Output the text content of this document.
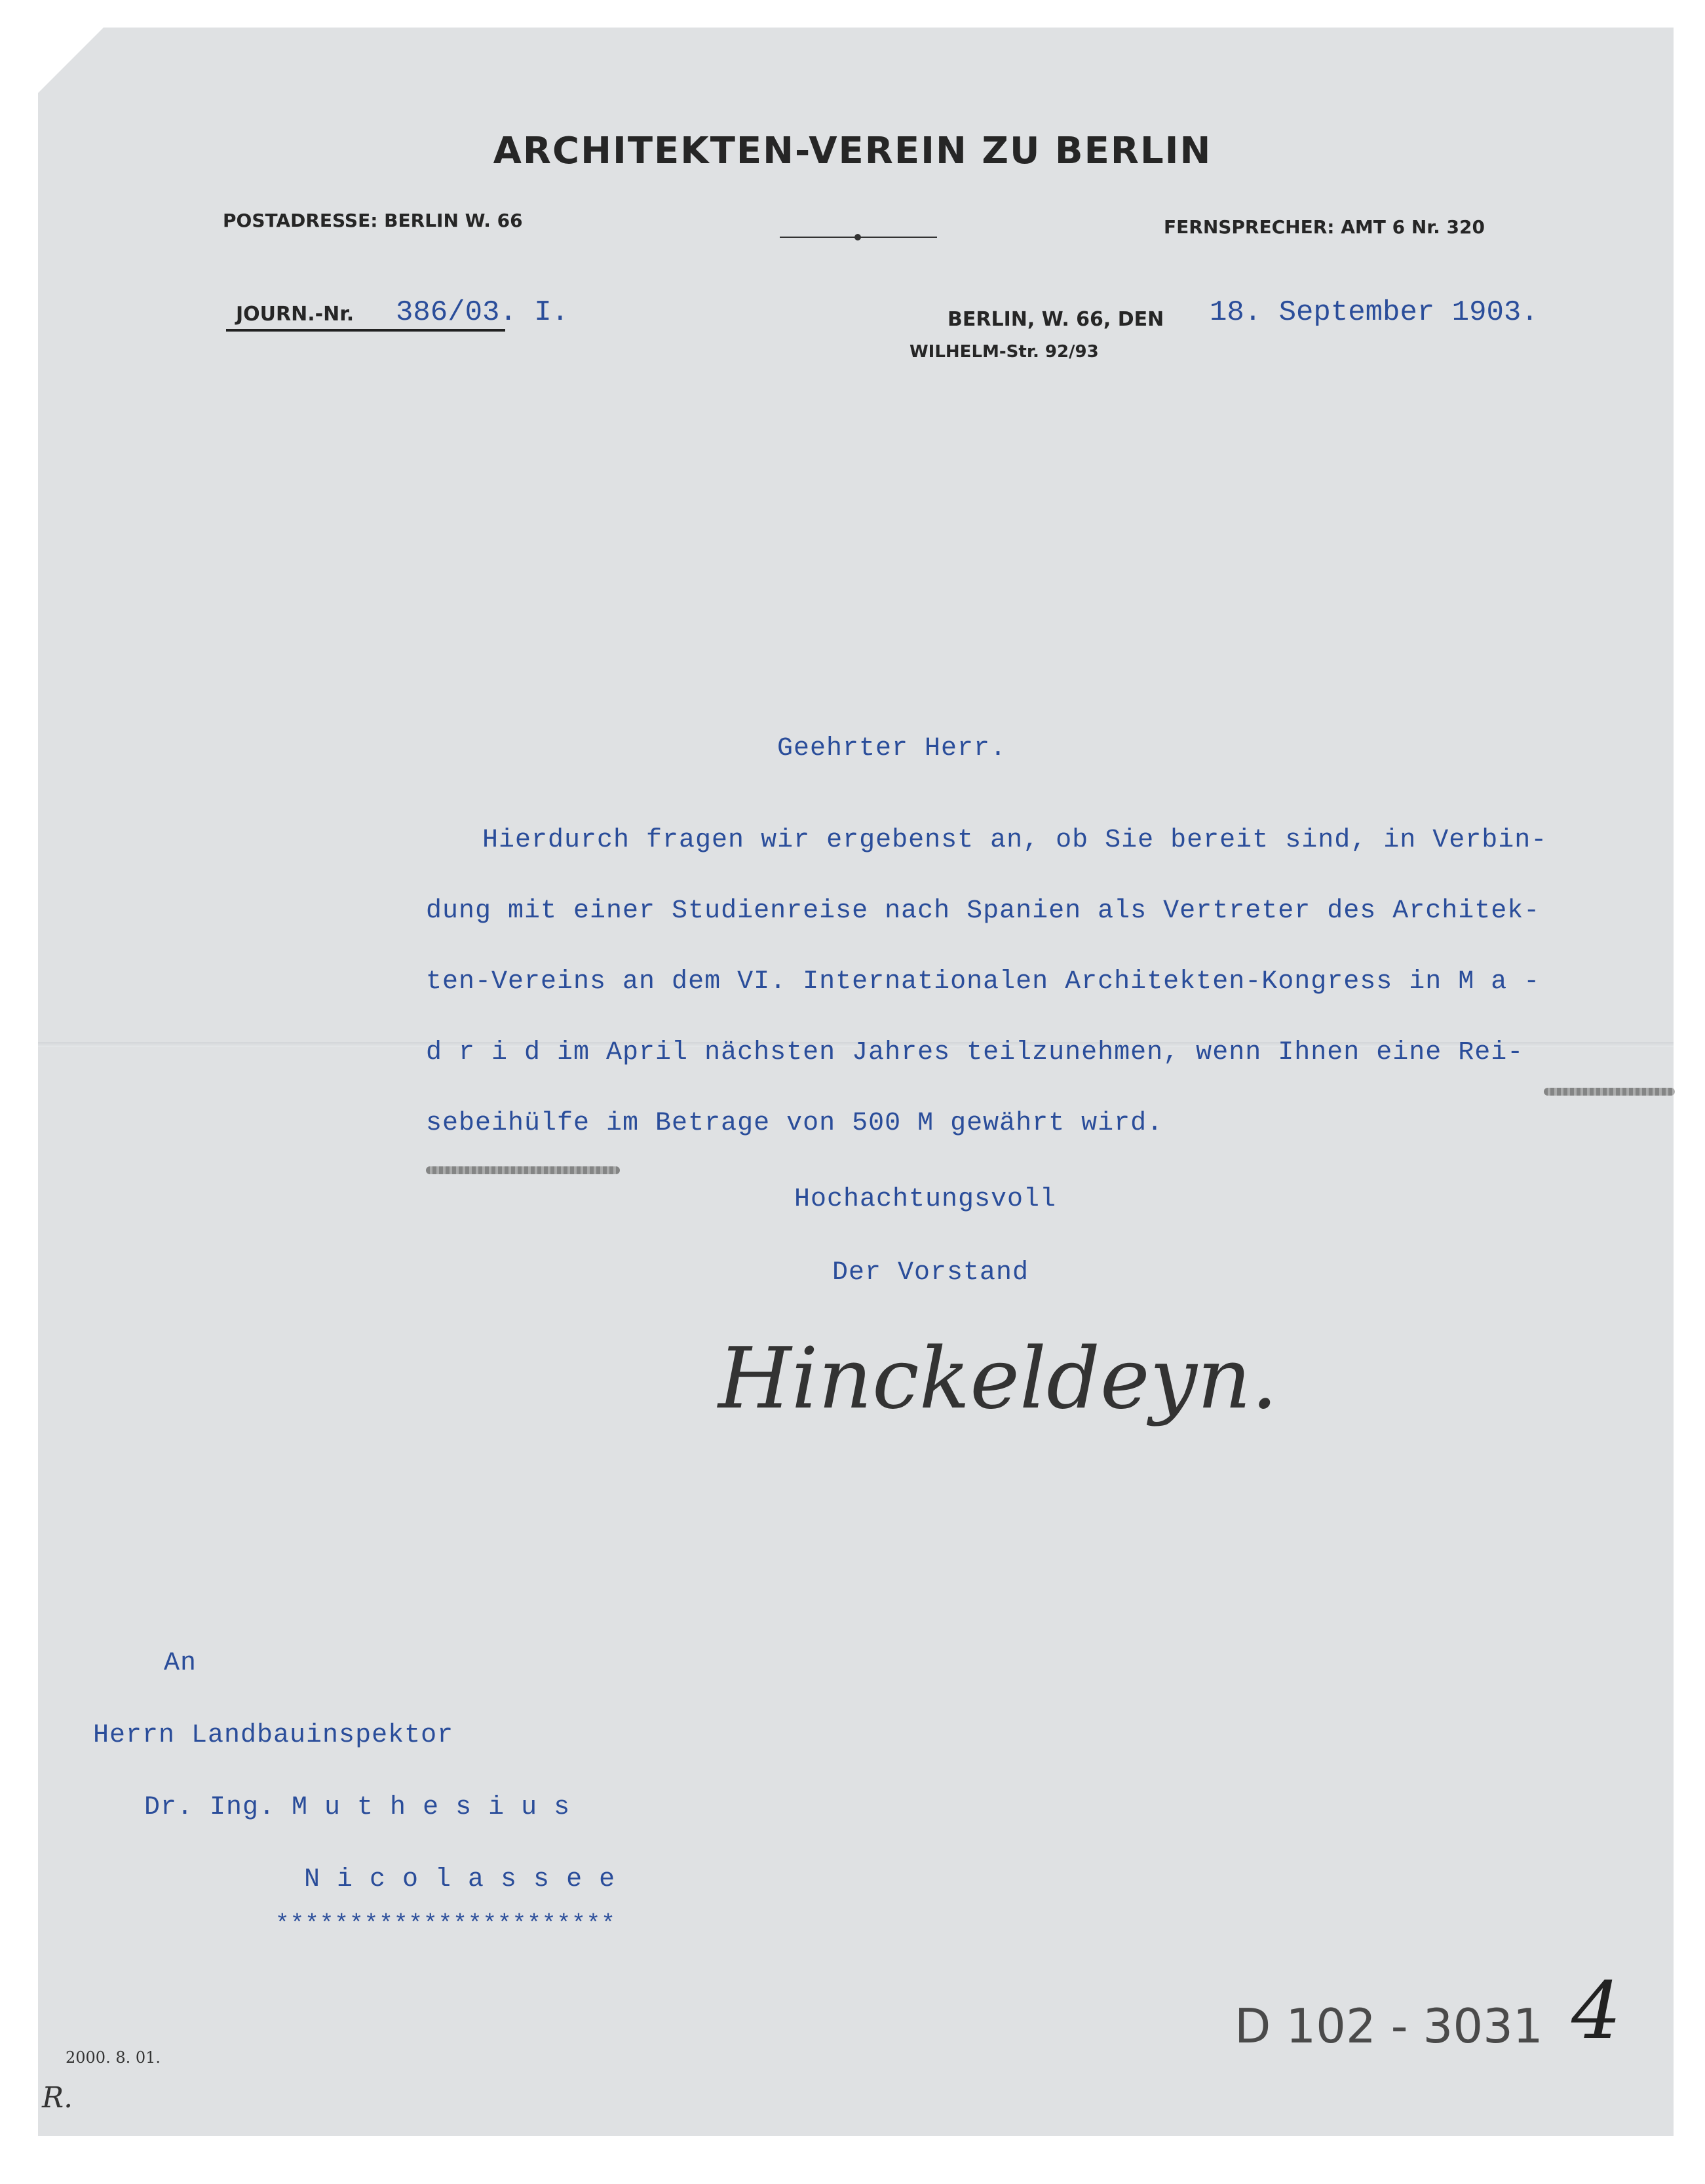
ARCHITEKTEN-VEREIN ZU BERLIN
POSTADRESSE: BERLIN W. 66	FERNSPRECHER: AMT 6 Nr. 320
JOURN.-Nr. 386/03. I.	BERLIN, W. 66, DEN 18. September 1903.
WILHELM-Str. 92/93
Geehrter Herr.
Hierdurch fragen wir ergebenst an, ob Sie bereit sind, in Verbin-
dung mit einer Studienreise nach Spanien als Vertreter des Architek-
ten-Vereins an dem VI. Internationalen Architekten-Kongress in M a -
d r i d im April nächsten Jahres teilzunehmen, wenn Ihnen eine Rei-
sebeihülfe im Betrage von 500 M gewährt wird.
Hochachtungsvoll
Der Vorstand
Hinckeldeyn.
An
Herrn Landbauinspektor
Dr. Ing. M u t h e s i u s
N i c o l a s s e e
***********************
2000. 8. 01.
R.
D 102 - 3031 4
